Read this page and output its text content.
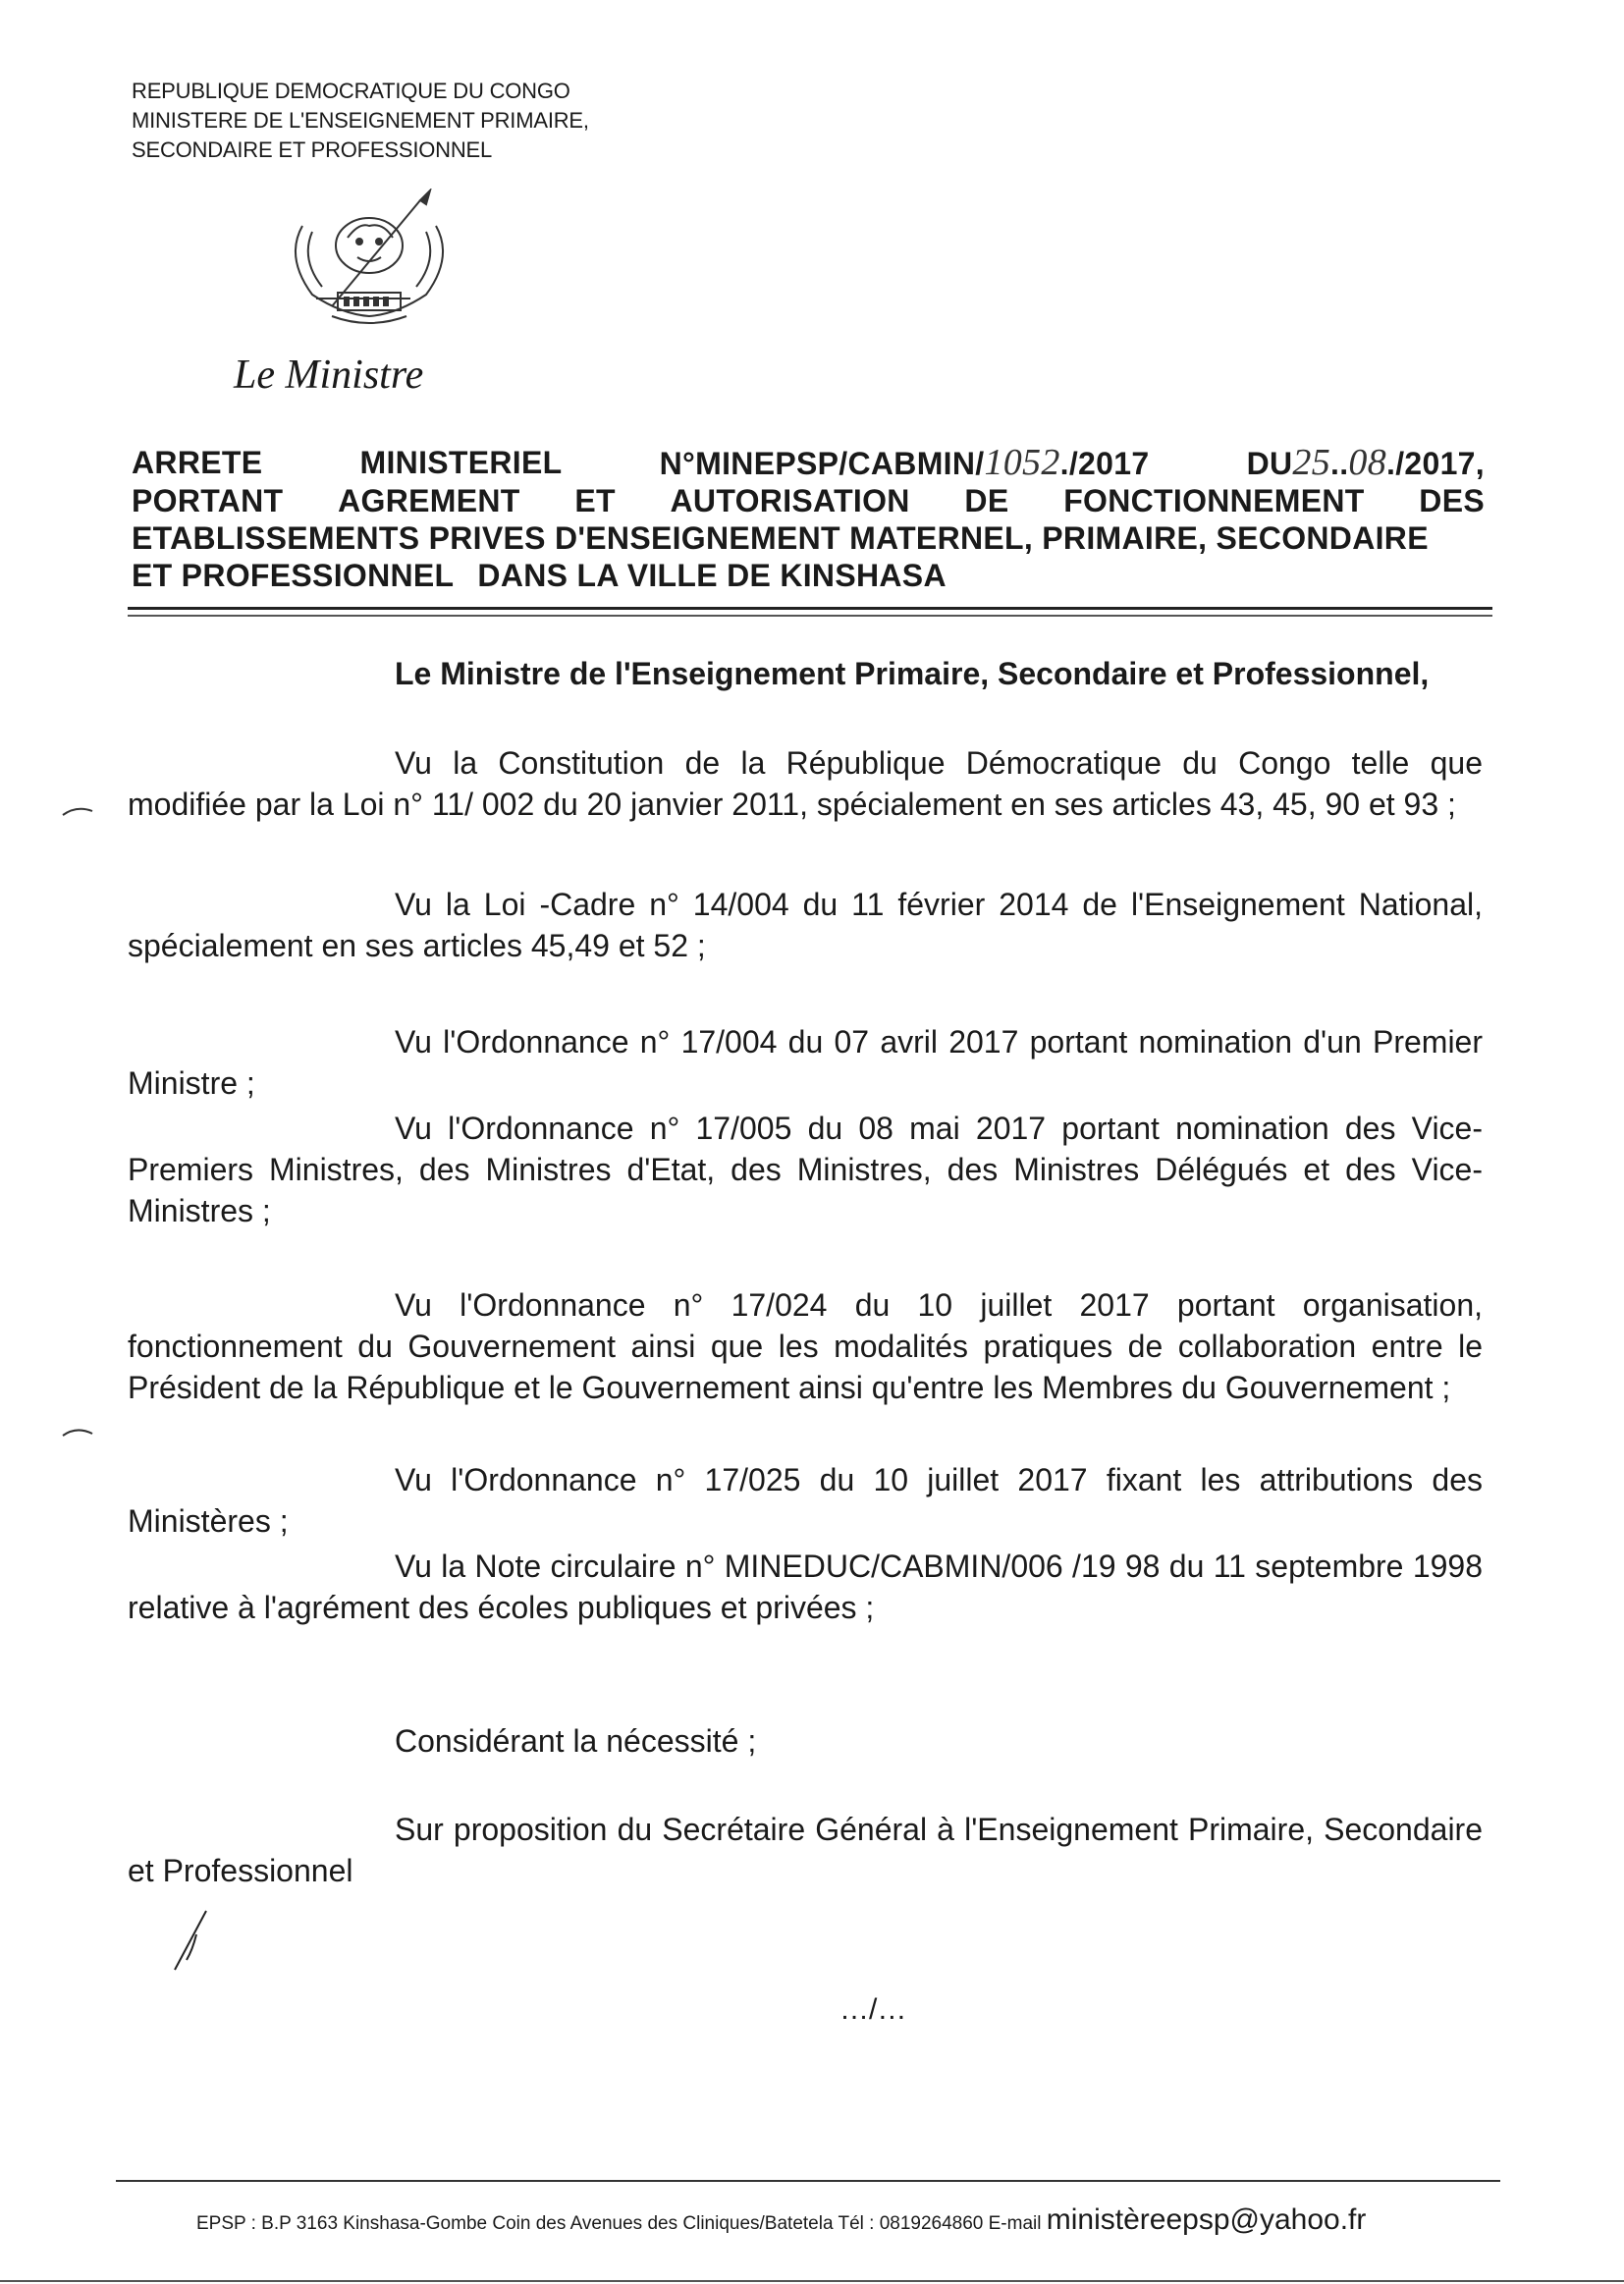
REPUBLIQUE DEMOCRATIQUE DU CONGO
MINISTERE DE L'ENSEIGNEMENT PRIMAIRE,
SECONDAIRE ET PROFESSIONNEL
Le Ministre
ARRETE	MINISTERIEL	N°MINEPSP/CABMIN/1052./2017	DU25..08./2017,
PORTANT AGREMENT ET AUTORISATION DE FONCTIONNEMENT DES
ETABLISSEMENTS PRIVES D'ENSEIGNEMENT MATERNEL, PRIMAIRE, SECONDAIRE
ET PROFESSIONNEL DANS LA VILLE DE KINSHASA
Le Ministre de l'Enseignement Primaire, Secondaire et Professionnel,

Vu la Constitution de la République Démocratique du Congo telle que modifiée par la Loi n° 11/ 002 du 20 janvier 2011, spécialement en ses articles 43, 45, 90 et 93 ;

Vu la Loi -Cadre n° 14/004 du 11 février 2014 de l'Enseignement National, spécialement en ses articles 45,49 et 52 ;

Vu l'Ordonnance n° 17/004 du 07 avril 2017 portant nomination d'un Premier Ministre ;

Vu l'Ordonnance n° 17/005 du 08 mai 2017 portant nomination des Vice-Premiers Ministres, des Ministres d'Etat, des Ministres, des Ministres Délégués et des Vice-Ministres ;

Vu l'Ordonnance n° 17/024 du 10 juillet 2017 portant organisation, fonctionnement du Gouvernement ainsi que les modalités pratiques de collaboration entre le Président de la République et le Gouvernement ainsi qu'entre les Membres du Gouvernement ;

Vu l'Ordonnance n° 17/025 du 10 juillet 2017 fixant les attributions des Ministères ;

Vu la Note circulaire n° MINEDUC/CABMIN/006 /19 98 du 11 septembre 1998 relative à l'agrément des écoles publiques et privées ;

Considérant la nécessité ;

Sur proposition du Secrétaire Général à l'Enseignement Primaire, Secondaire et Professionnel

…/…
EPSP : B.P 3163 Kinshasa-Gombe Coin des Avenues des Cliniques/Batetela Tél : 0819264860 E-mail ministèreepsp@yahoo.fr
